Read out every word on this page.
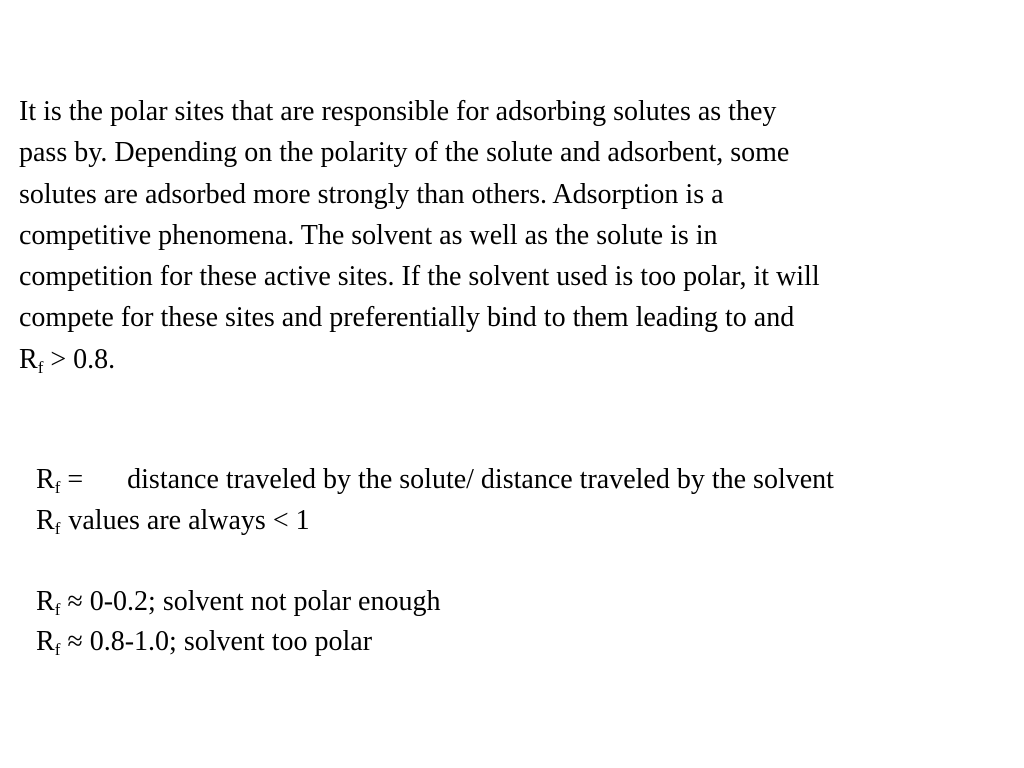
It is the polar sites that are responsible for adsorbing solutes as they
pass by. Depending on the polarity of the solute and adsorbent, some
solutes are adsorbed more strongly than others. Adsorption is a
competitive phenomena. The solvent as well as the solute is in
competition for these active sites. If the solvent used is too polar, it will
compete for these sites and preferentially bind to them leading to and
$R_f > 0.8$.
$R_f$ = distance traveled by the solute/ distance traveled by the solvent
$R_f$ values are always < 1
$R_f \approx 0-0.2$; solvent not polar enough
$R_f \approx 0.8-1.0$; solvent too polar
